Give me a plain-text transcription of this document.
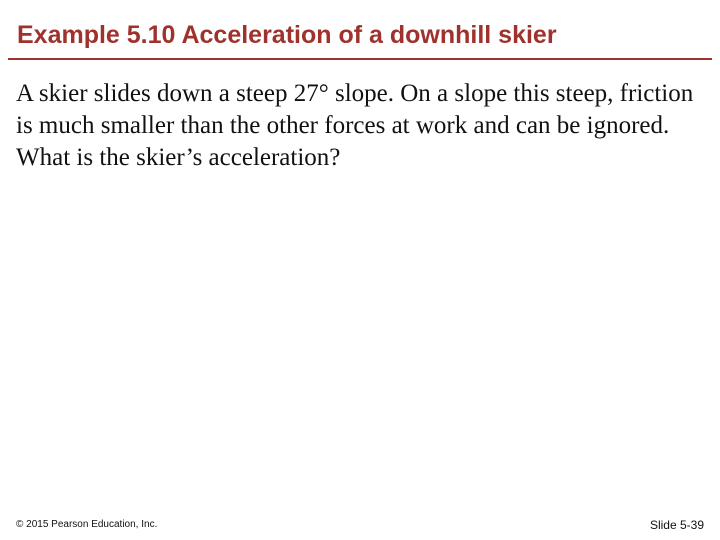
Example 5.10 Acceleration of a downhill skier
A skier slides down a steep 27° slope. On a slope this steep, friction is much smaller than the other forces at work and can be ignored. What is the skier’s acceleration?
© 2015 Pearson Education, Inc.	Slide 5-39
